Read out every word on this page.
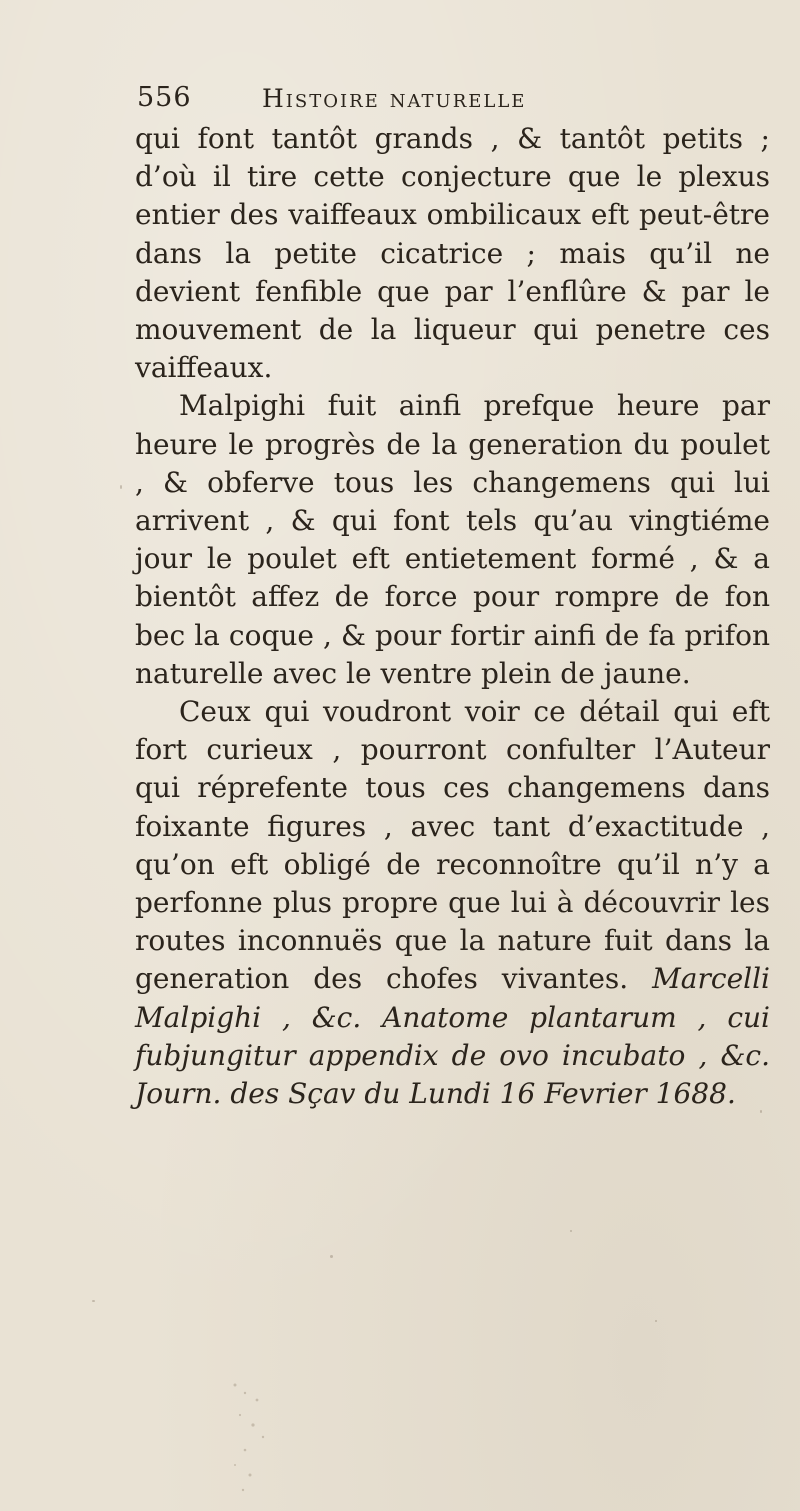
556	Histoire naturelle

qui font tantôt grands , & tantôt petits ; d’où il tire cette conjecture que le plexus entier des vaiffeaux ombilicaux eft peut-être dans la petite cicatrice ; mais qu’il ne devient fenfible que par l’enflûre & par le mouvement de la liqueur qui penetre ces vaiffeaux.

Malpighi fuit ainfi prefque heure par heure le progrès de la generation du poulet , & obferve tous les changemens qui lui arrivent , & qui font tels qu’au vingtiéme jour le poulet eft entietement formé , & a bientôt affez de force pour rompre de fon bec la coque , & pour fortir ainfi de fa prifon naturelle avec le ventre plein de jaune.

Ceux qui voudront voir ce détail qui eft fort curieux , pourront confulter l’Auteur qui réprefente tous ces changemens dans foixante figures , avec tant d’exactitude , qu’on eft obligé de reconnoître qu’il n’y a perfonne plus propre que lui à découvrir les routes inconnuës que la nature fuit dans la generation des chofes vivantes. Marcelli Malpighi , &c. Anatome plantarum , cui fubjungitur appendix de ovo incubato , &c. Journ. des Sçav du Lundi 16 Fevrier 1688.
